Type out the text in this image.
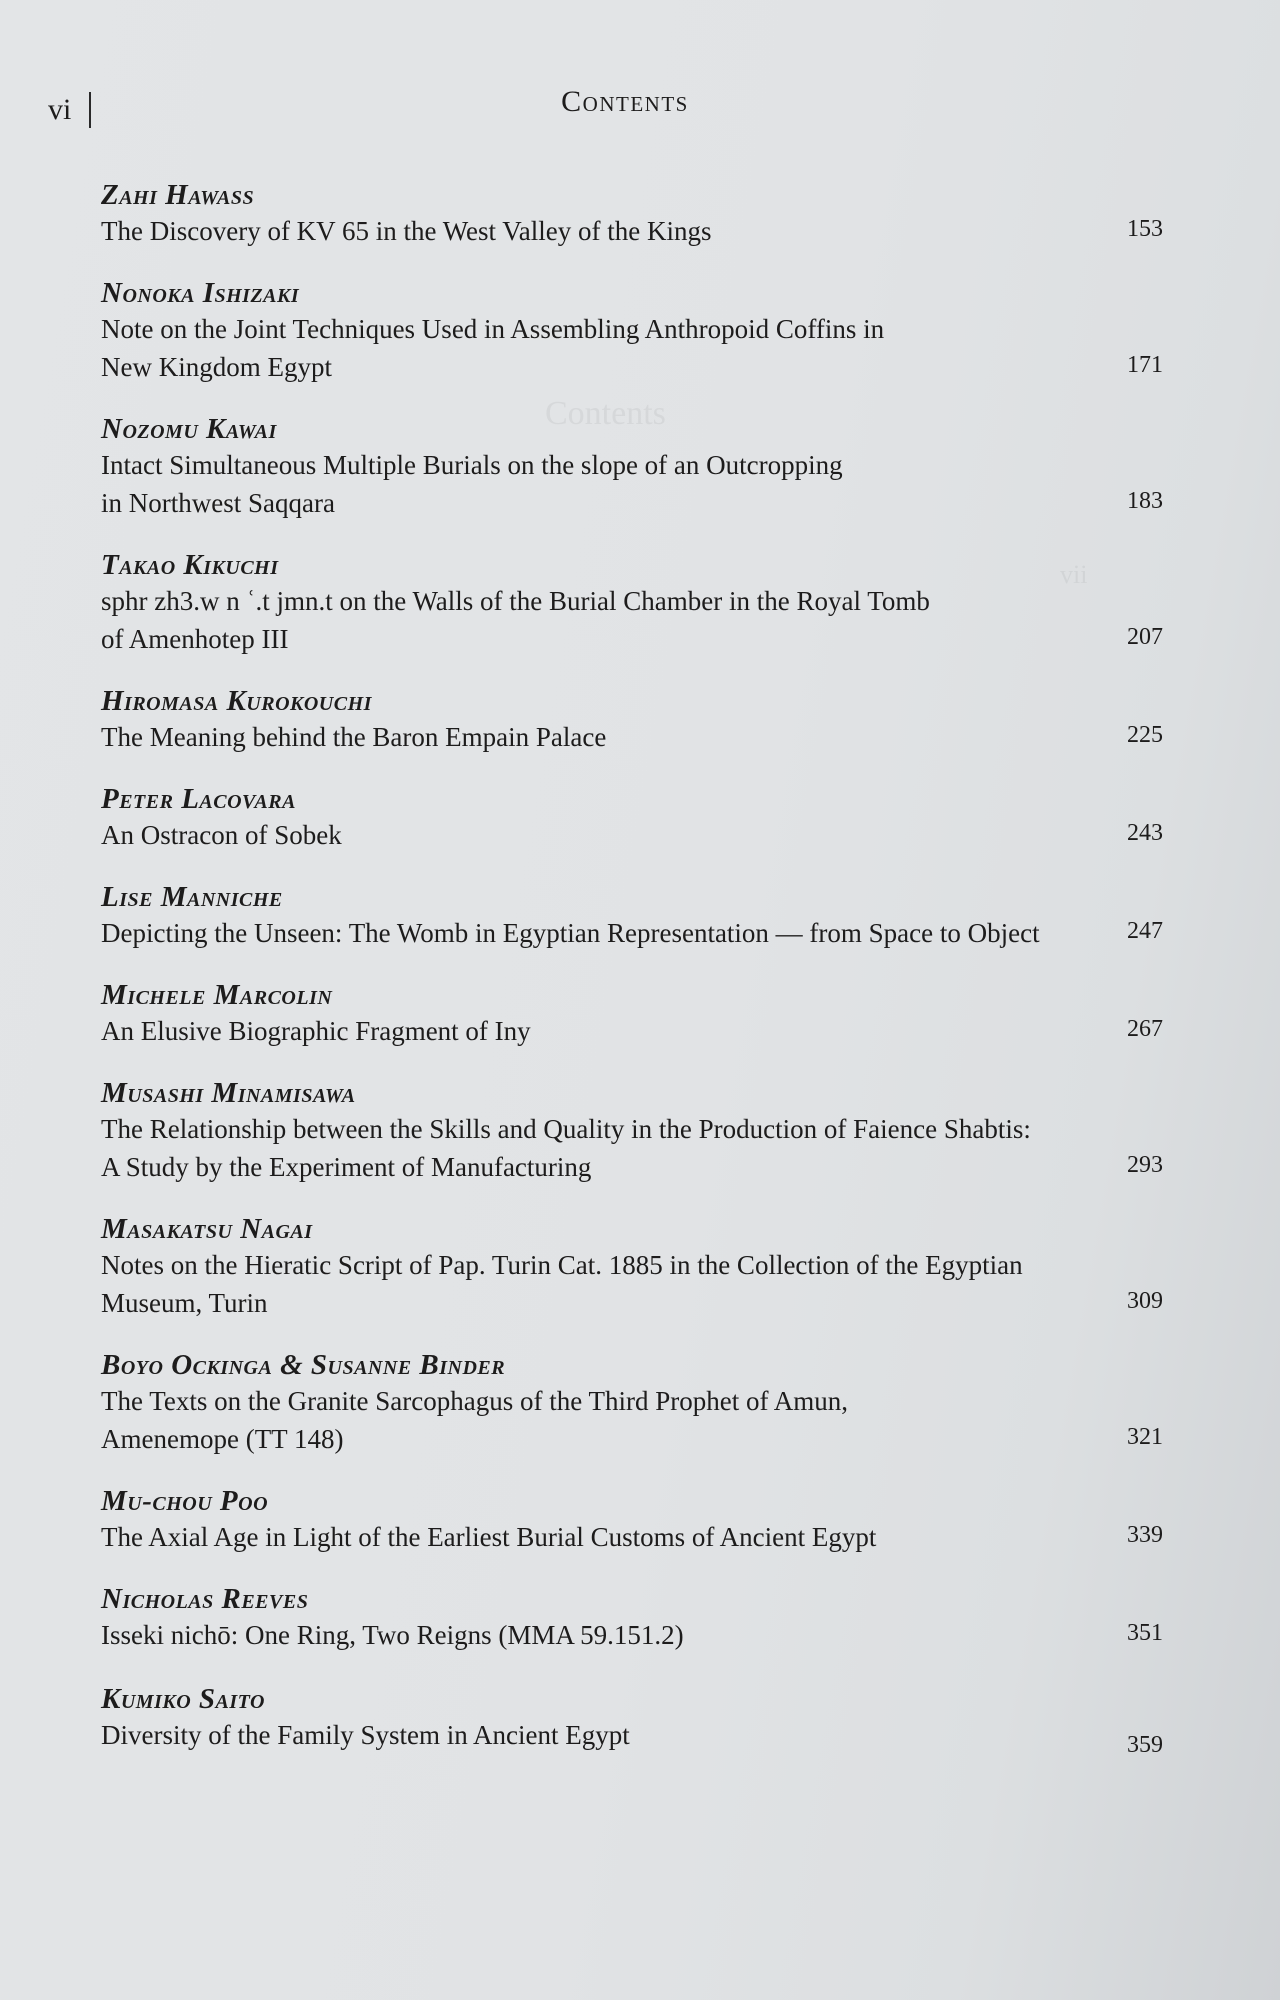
Contents
vii
vi	Contents
Zahi Hawass
The Discovery of KV 65 in the West Valley of the Kings	153
Nonoka Ishizaki
Note on the Joint Techniques Used in Assembling Anthropoid Coffins in
New Kingdom Egypt	171
Nozomu Kawai
Intact Simultaneous Multiple Burials on the slope of an Outcropping
in Northwest Saqqara	183
Takao Kikuchi
sphr zh3.w n ʿ.t jmn.t on the Walls of the Burial Chamber in the Royal Tomb
of Amenhotep III	207
Hiromasa Kurokouchi
The Meaning behind the Baron Empain Palace	225
Peter Lacovara
An Ostracon of Sobek	243
Lise Manniche
Depicting the Unseen: The Womb in Egyptian Representation — from Space to Object	247
Michele Marcolin
An Elusive Biographic Fragment of Iny	267
Musashi Minamisawa
The Relationship between the Skills and Quality in the Production of Faience Shabtis:
A Study by the Experiment of Manufacturing	293
Masakatsu Nagai
Notes on the Hieratic Script of Pap. Turin Cat. 1885 in the Collection of the Egyptian
Museum, Turin	309
Boyo Ockinga & Susanne Binder
The Texts on the Granite Sarcophagus of the Third Prophet of Amun,
Amenemope (TT 148)	321
Mu-chou Poo
The Axial Age in Light of the Earliest Burial Customs of Ancient Egypt	339
Nicholas Reeves
Isseki nichō: One Ring, Two Reigns (MMA 59.151.2)	351
Kumiko Saito
Diversity of the Family System in Ancient Egypt	359
